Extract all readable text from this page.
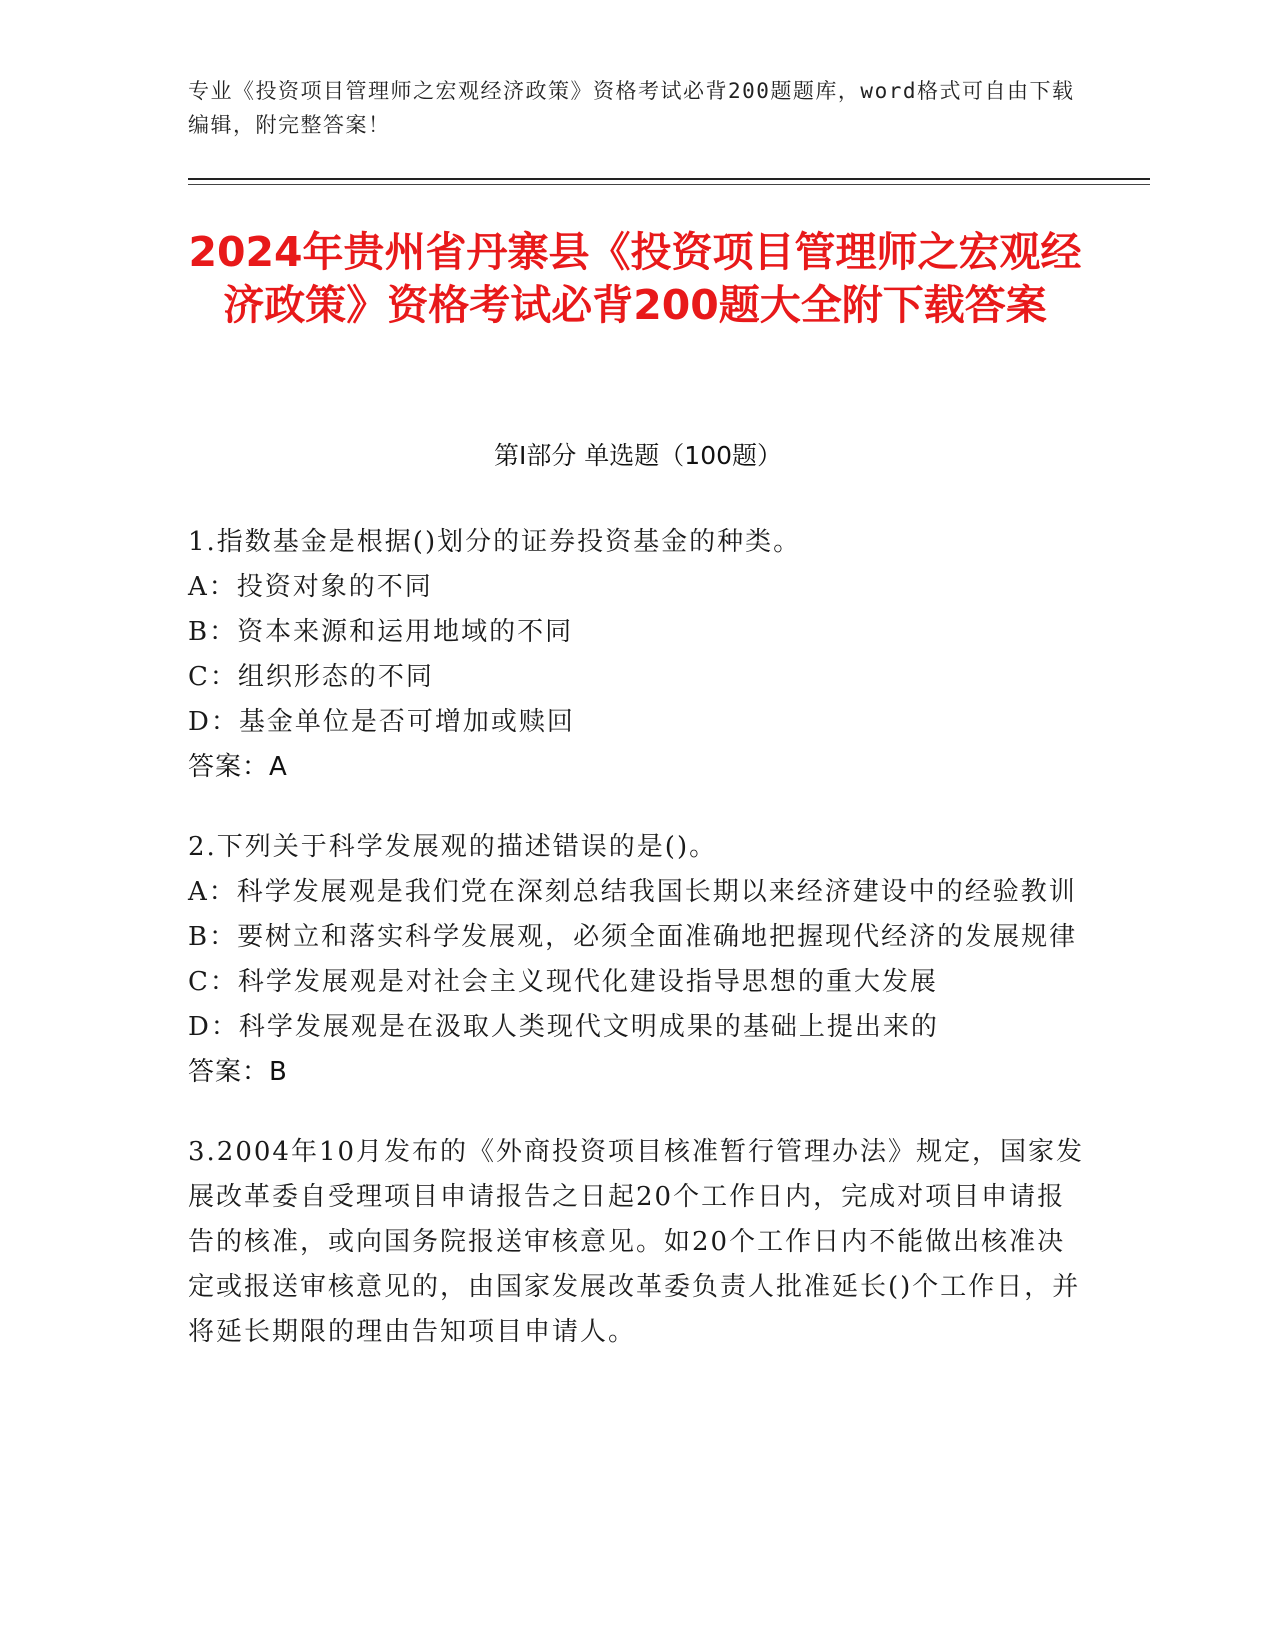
专业《投资项目管理师之宏观经济政策》资格考试必背200题题库，word格式可自由下载编辑，附完整答案！
2024年贵州省丹寨县《投资项目管理师之宏观经济政策》资格考试必背200题大全附下载答案
第I部分 单选题（100题）
1.指数基金是根据()划分的证券投资基金的种类。
A：投资对象的不同
B：资本来源和运用地域的不同
C：组织形态的不同
D：基金单位是否可增加或赎回
答案：A
2.下列关于科学发展观的描述错误的是()。
A：科学发展观是我们党在深刻总结我国长期以来经济建设中的经验教训
B：要树立和落实科学发展观，必须全面准确地把握现代经济的发展规律
C：科学发展观是对社会主义现代化建设指导思想的重大发展
D：科学发展观是在汲取人类现代文明成果的基础上提出来的
答案：B
3.2004年10月发布的《外商投资项目核准暂行管理办法》规定，国家发展改革委自受理项目申请报告之日起20个工作日内，完成对项目申请报告的核准，或向国务院报送审核意见。如20个工作日内不能做出核准决定或报送审核意见的，由国家发展改革委负责人批准延长()个工作日，并将延长期限的理由告知项目申请人。
